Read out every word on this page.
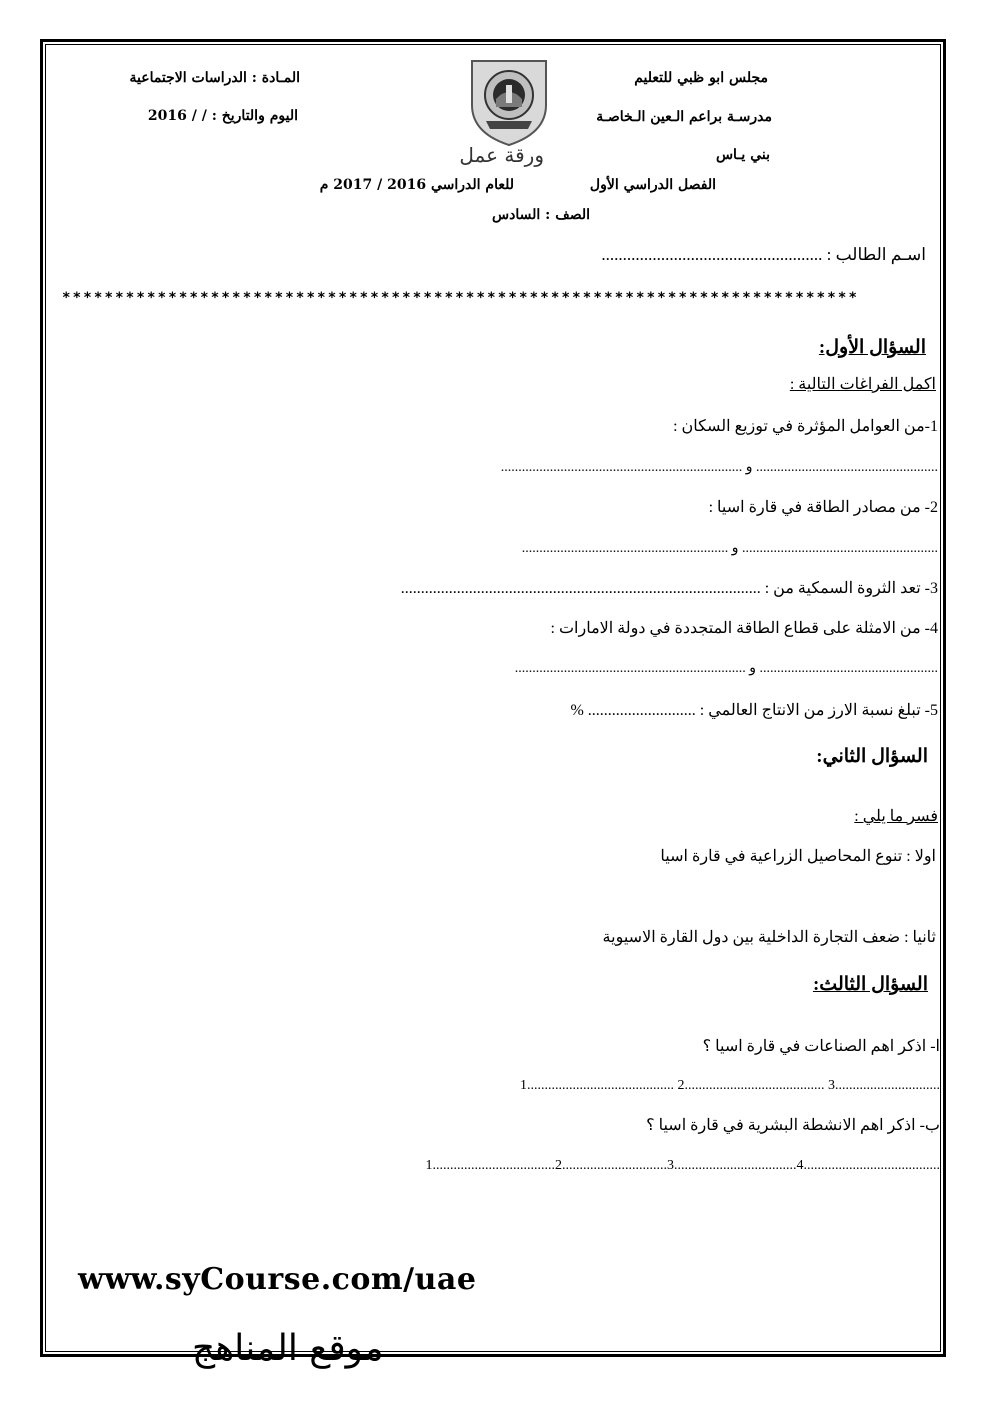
مجلس ابو ظبي للتعليم
مدرسـة براعم الـعين الـخاصـة
بني يـاس
المـادة : الدراسات الاجتماعية
اليوم والتاريخ : / / 2016
ورقة عمل
الفصل الدراسي الأول
للعام الدراسي 2016 / 2017 م
الصف : السادس
اسـم الطالب : ....................................................
***************************************************************************
السؤال الأول:
اكمل الفراغات التالية :
1-من العوامل المؤثرة في توزيع السكان :
.................................................... و .....................................................................
2- من مصادر الطاقة في قارة اسيا :
........................................................ و ...........................................................
3- تعد الثروة السمكية من : ..........................................................................................
4- من الامثلة على قطاع الطاقة المتجددة في دولة الامارات :
................................................... و ..................................................................
5- تبلغ نسبة الارز من الانتاج العالمي : ........................... %
السؤال الثاني:
فسر ما يلي :
اولا : تنوع المحاصيل الزراعية في قارة اسيا
ثانيا : ضعف التجارة الداخلية بين دول القارة الاسيوية
السؤال الثالث:
ا- اذكر اهم الصناعات في قارة اسيا ؟
1.......................................... 2........................................ 3..............................
ب- اذكر اهم الانشطة البشرية في قارة اسيا ؟
1...................................2..............................3...................................4.......................................
www.syCourse.com/uae
موقع المناهج
